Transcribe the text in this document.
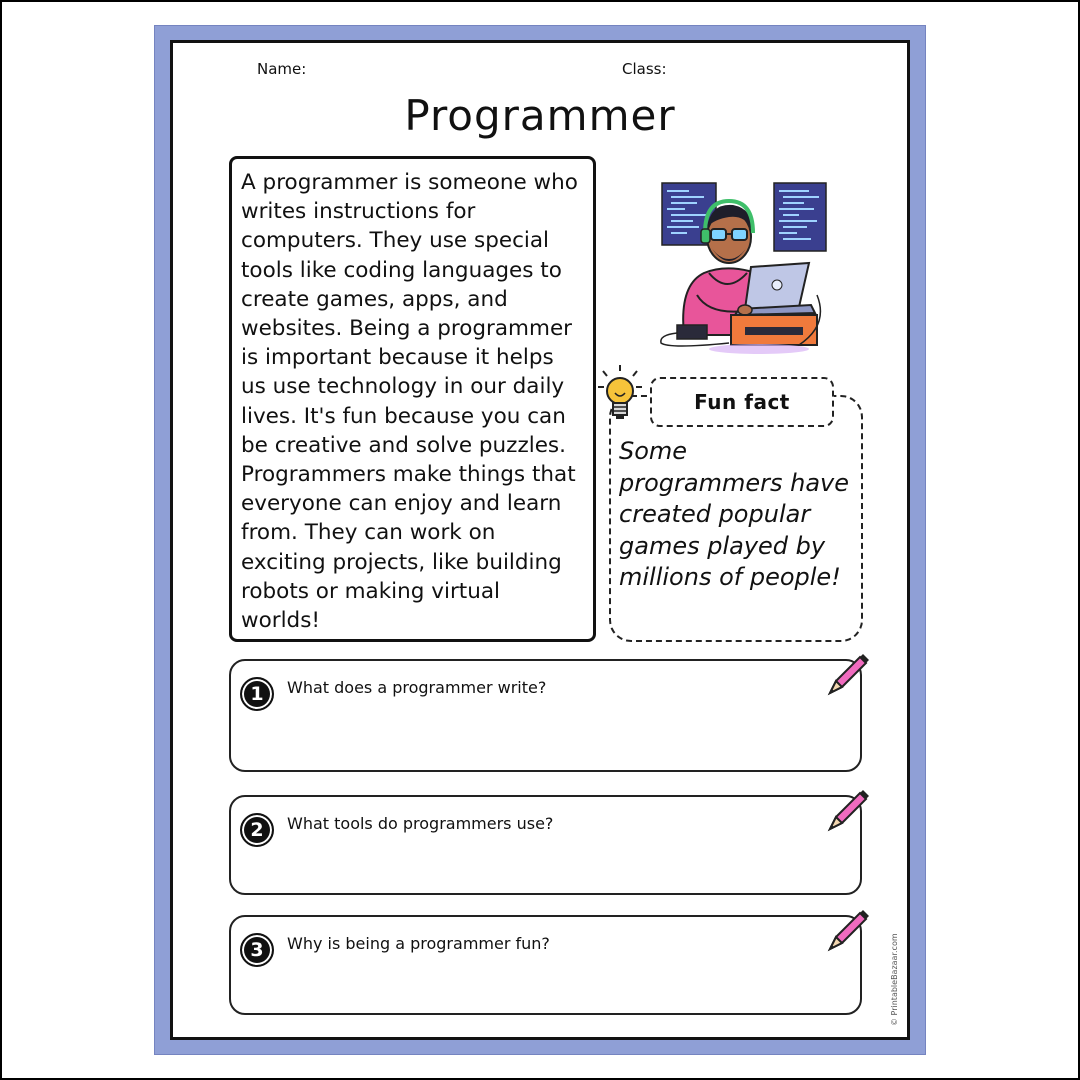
Name:	Class:
Programmer
A programmer is someone who writes instructions for computers. They use special tools like coding languages to create games, apps, and websites. Being a programmer is important because it helps us use technology in our daily lives. It's fun because you can be creative and solve puzzles. Programmers make things that everyone can enjoy and learn from. They can work on exciting projects, like building robots or making virtual worlds!
Fun fact
Some programmers have created popular games played by millions of people!
1	What does a programmer write?
2	What tools do programmers use?
3	Why is being a programmer fun?	© PrintableBazaar.com
